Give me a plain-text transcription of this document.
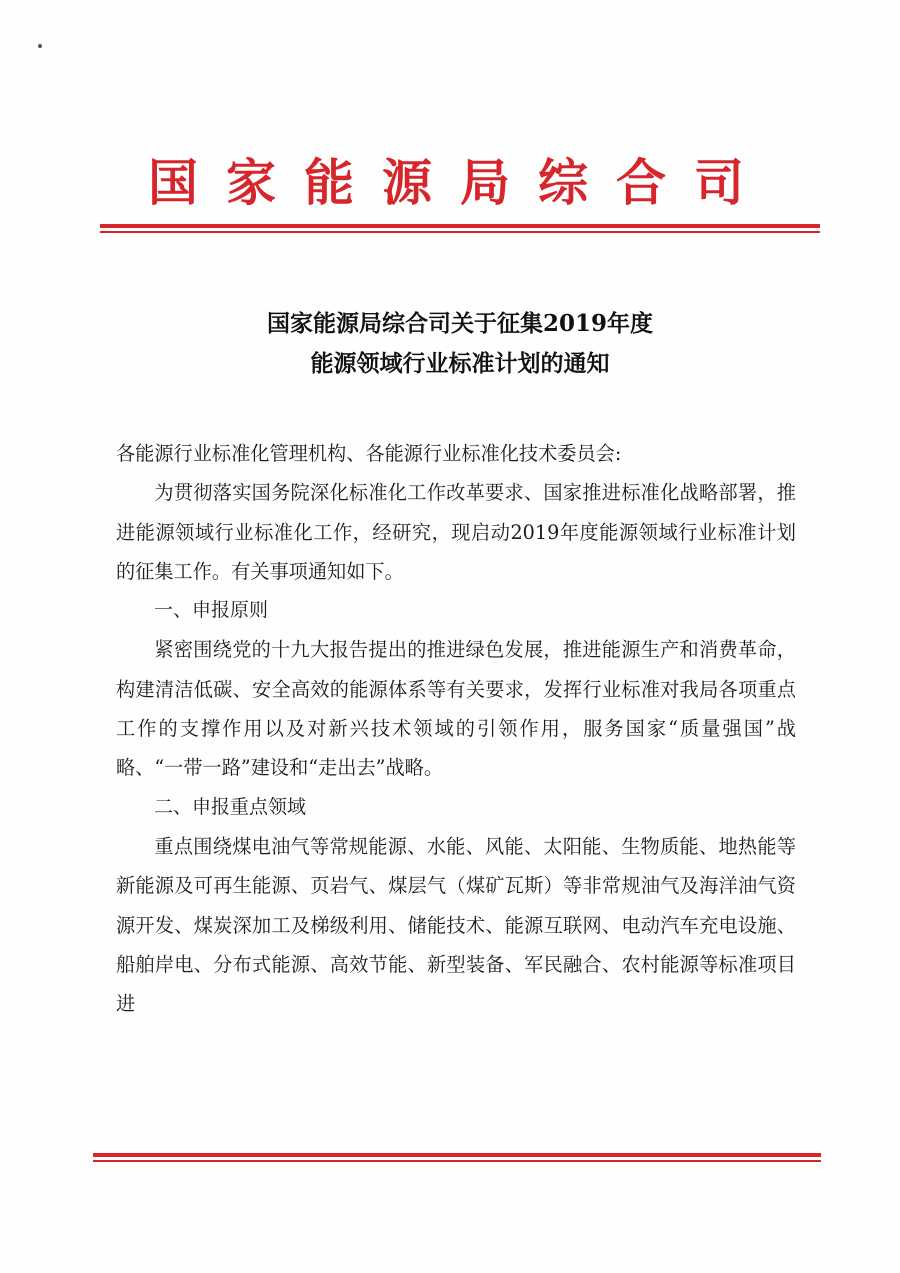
国家能源局综合司
国家能源局综合司关于征集2019年度
能源领域行业标准计划的通知

各能源行业标准化管理机构、各能源行业标准化技术委员会:

为贯彻落实国务院深化标准化工作改革要求、国家推进标准化战略部署，推进能源领域行业标准化工作，经研究，现启动2019年度能源领域行业标准计划的征集工作。有关事项通知如下。

一、申报原则

紧密围绕党的十九大报告提出的推进绿色发展，推进能源生产和消费革命，构建清洁低碳、安全高效的能源体系等有关要求，发挥行业标准对我局各项重点工作的支撑作用以及对新兴技术领域的引领作用，服务国家“质量强国”战略、“一带一路”建设和“走出去”战略。

二、申报重点领域

重点围绕煤电油气等常规能源、水能、风能、太阳能、生物质能、地热能等新能源及可再生能源、页岩气、煤层气（煤矿瓦斯）等非常规油气及海洋油气资源开发、煤炭深加工及梯级利用、储能技术、能源互联网、电动汽车充电设施、船舶岸电、分布式能源、高效节能、新型装备、军民融合、农村能源等标准项目进
